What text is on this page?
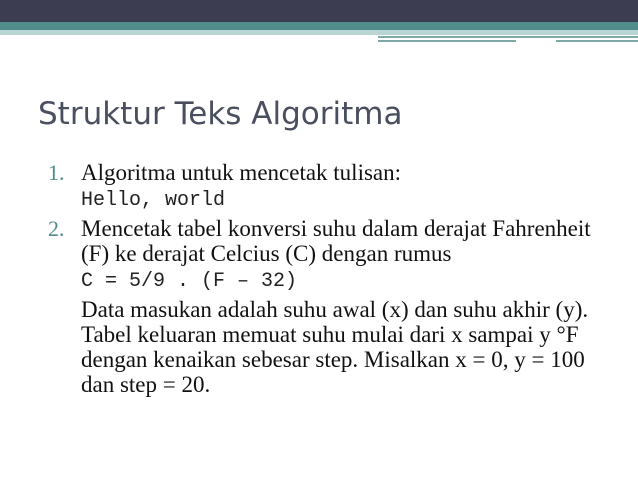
Struktur Teks Algoritma
1. Algoritma untuk mencetak tulisan:
Hello, world
2. Mencetak tabel konversi suhu dalam derajat Fahrenheit (F) ke derajat Celcius (C) dengan rumus
C = 5/9 . (F – 32)
Data masukan adalah suhu awal (x) dan suhu akhir (y). Tabel keluaran memuat suhu mulai dari x sampai y °F dengan kenaikan sebesar step. Misalkan x = 0, y = 100 dan step = 20.
